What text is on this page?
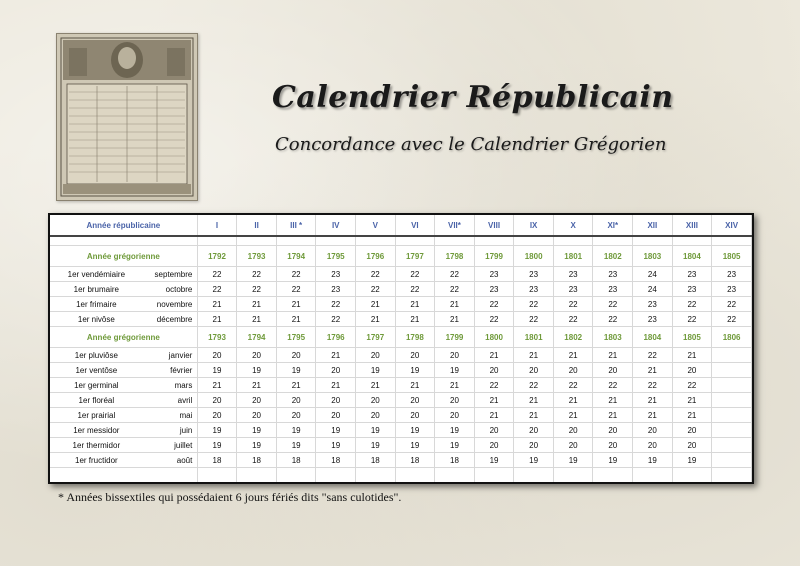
Calendrier Républicain
Concordance avec le Calendrier Grégorien
Année républicaine	I	II	III *	IV	V	VI	VII*	VIII	IX	X	XI*	XII	XIII	XIV

Année grégorienne	1792	1793	1794	1795	1796	1797	1798	1799	1800	1801	1802	1803	1804	1805
1er vendémiaire septembre	22	22	22	23	22	22	22	23	23	23	23	24	23	23
1er brumaire octobre	22	22	22	23	22	22	22	23	23	23	23	24	23	23
1er frimaire novembre	21	21	21	22	21	21	21	22	22	22	22	23	22	22
1er nivôse décembre	21	21	21	22	21	21	21	22	22	22	22	23	22	22
Année grégorienne	1793	1794	1795	1796	1797	1798	1799	1800	1801	1802	1803	1804	1805	1806
1er pluviôse janvier	20	20	20	21	20	20	20	21	21	21	21	22	21	
1er ventôse février	19	19	19	20	19	19	19	20	20	20	20	21	20	
1er germinal mars	21	21	21	21	21	21	21	22	22	22	22	22	22	
1er floréal avril	20	20	20	20	20	20	20	21	21	21	21	21	21	
1er prairial mai	20	20	20	20	20	20	20	21	21	21	21	21	21	
1er messidor juin	19	19	19	19	19	19	19	20	20	20	20	20	20	
1er thermidor juillet	19	19	19	19	19	19	19	20	20	20	20	20	20	
1er fructidor août	18	18	18	18	18	18	18	19	19	19	19	19	19	

* Années bissextiles qui possédaient 6 jours fériés dits "sans culotides".
